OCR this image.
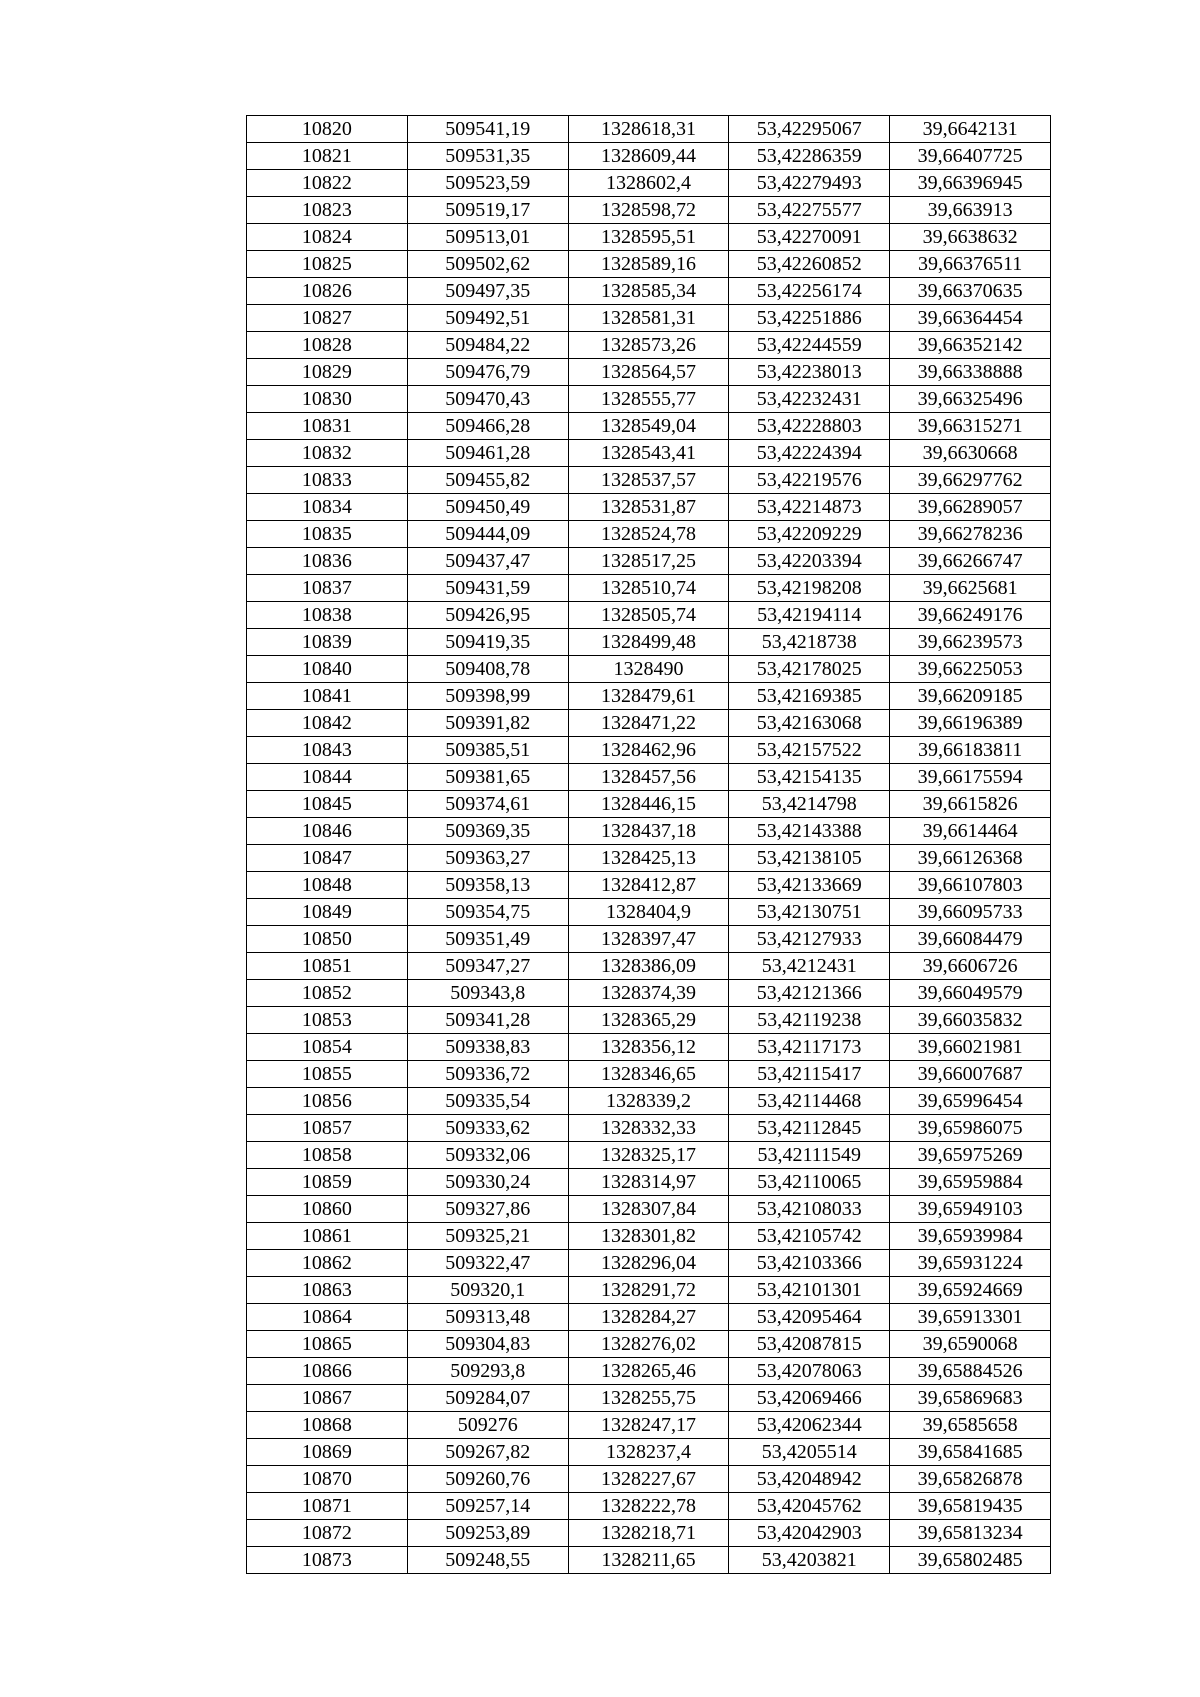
10820	509541,19	1328618,31	53,42295067	39,6642131
10821	509531,35	1328609,44	53,42286359	39,66407725
10822	509523,59	1328602,4	53,42279493	39,66396945
10823	509519,17	1328598,72	53,42275577	39,663913
10824	509513,01	1328595,51	53,42270091	39,6638632
10825	509502,62	1328589,16	53,42260852	39,66376511
10826	509497,35	1328585,34	53,42256174	39,66370635
10827	509492,51	1328581,31	53,42251886	39,66364454
10828	509484,22	1328573,26	53,42244559	39,66352142
10829	509476,79	1328564,57	53,42238013	39,66338888
10830	509470,43	1328555,77	53,42232431	39,66325496
10831	509466,28	1328549,04	53,42228803	39,66315271
10832	509461,28	1328543,41	53,42224394	39,6630668
10833	509455,82	1328537,57	53,42219576	39,66297762
10834	509450,49	1328531,87	53,42214873	39,66289057
10835	509444,09	1328524,78	53,42209229	39,66278236
10836	509437,47	1328517,25	53,42203394	39,66266747
10837	509431,59	1328510,74	53,42198208	39,6625681
10838	509426,95	1328505,74	53,42194114	39,66249176
10839	509419,35	1328499,48	53,4218738	39,66239573
10840	509408,78	1328490	53,42178025	39,66225053
10841	509398,99	1328479,61	53,42169385	39,66209185
10842	509391,82	1328471,22	53,42163068	39,66196389
10843	509385,51	1328462,96	53,42157522	39,66183811
10844	509381,65	1328457,56	53,42154135	39,66175594
10845	509374,61	1328446,15	53,4214798	39,6615826
10846	509369,35	1328437,18	53,42143388	39,6614464
10847	509363,27	1328425,13	53,42138105	39,66126368
10848	509358,13	1328412,87	53,42133669	39,66107803
10849	509354,75	1328404,9	53,42130751	39,66095733
10850	509351,49	1328397,47	53,42127933	39,66084479
10851	509347,27	1328386,09	53,4212431	39,6606726
10852	509343,8	1328374,39	53,42121366	39,66049579
10853	509341,28	1328365,29	53,42119238	39,66035832
10854	509338,83	1328356,12	53,42117173	39,66021981
10855	509336,72	1328346,65	53,42115417	39,66007687
10856	509335,54	1328339,2	53,42114468	39,65996454
10857	509333,62	1328332,33	53,42112845	39,65986075
10858	509332,06	1328325,17	53,42111549	39,65975269
10859	509330,24	1328314,97	53,42110065	39,65959884
10860	509327,86	1328307,84	53,42108033	39,65949103
10861	509325,21	1328301,82	53,42105742	39,65939984
10862	509322,47	1328296,04	53,42103366	39,65931224
10863	509320,1	1328291,72	53,42101301	39,65924669
10864	509313,48	1328284,27	53,42095464	39,65913301
10865	509304,83	1328276,02	53,42087815	39,6590068
10866	509293,8	1328265,46	53,42078063	39,65884526
10867	509284,07	1328255,75	53,42069466	39,65869683
10868	509276	1328247,17	53,42062344	39,6585658
10869	509267,82	1328237,4	53,4205514	39,65841685
10870	509260,76	1328227,67	53,42048942	39,65826878
10871	509257,14	1328222,78	53,42045762	39,65819435
10872	509253,89	1328218,71	53,42042903	39,65813234
10873	509248,55	1328211,65	53,4203821	39,65802485
